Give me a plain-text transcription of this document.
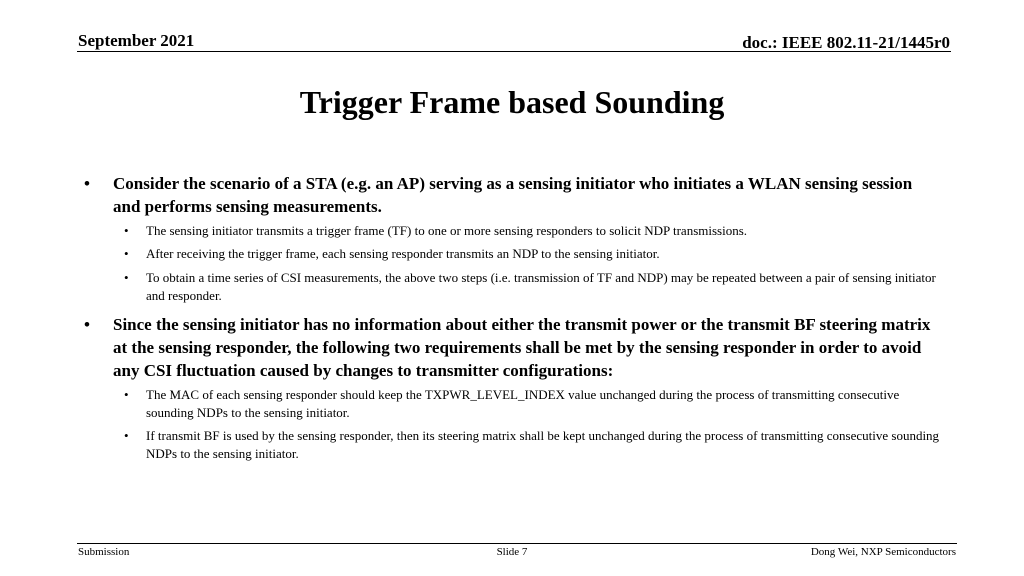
September 2021	doc.: IEEE 802.11-21/1445r0
Trigger Frame based Sounding
• Consider the scenario of a STA (e.g. an AP) serving as a sensing initiator who initiates a WLAN sensing session and performs sensing measurements.
• The sensing initiator transmits a trigger frame (TF) to one or more sensing responders to solicit NDP transmissions.
• After receiving the trigger frame, each sensing responder transmits an NDP to the sensing initiator.
• To obtain a time series of CSI measurements, the above two steps (i.e. transmission of TF and NDP) may be repeated between a pair of sensing initiator and responder.
• Since the sensing initiator has no information about either the transmit power or the transmit BF steering matrix at the sensing responder, the following two requirements shall be met by the sensing responder in order to avoid any CSI fluctuation caused by changes to transmitter configurations:
• The MAC of each sensing responder should keep the TXPWR_LEVEL_INDEX value unchanged during the process of transmitting consecutive sounding NDPs to the sensing initiator.
• If transmit BF is used by the sensing responder, then its steering matrix shall be kept unchanged during the process of transmitting consecutive sounding NDPs to the sensing initiator.
Submission	Slide 7	Dong Wei, NXP Semiconductors
